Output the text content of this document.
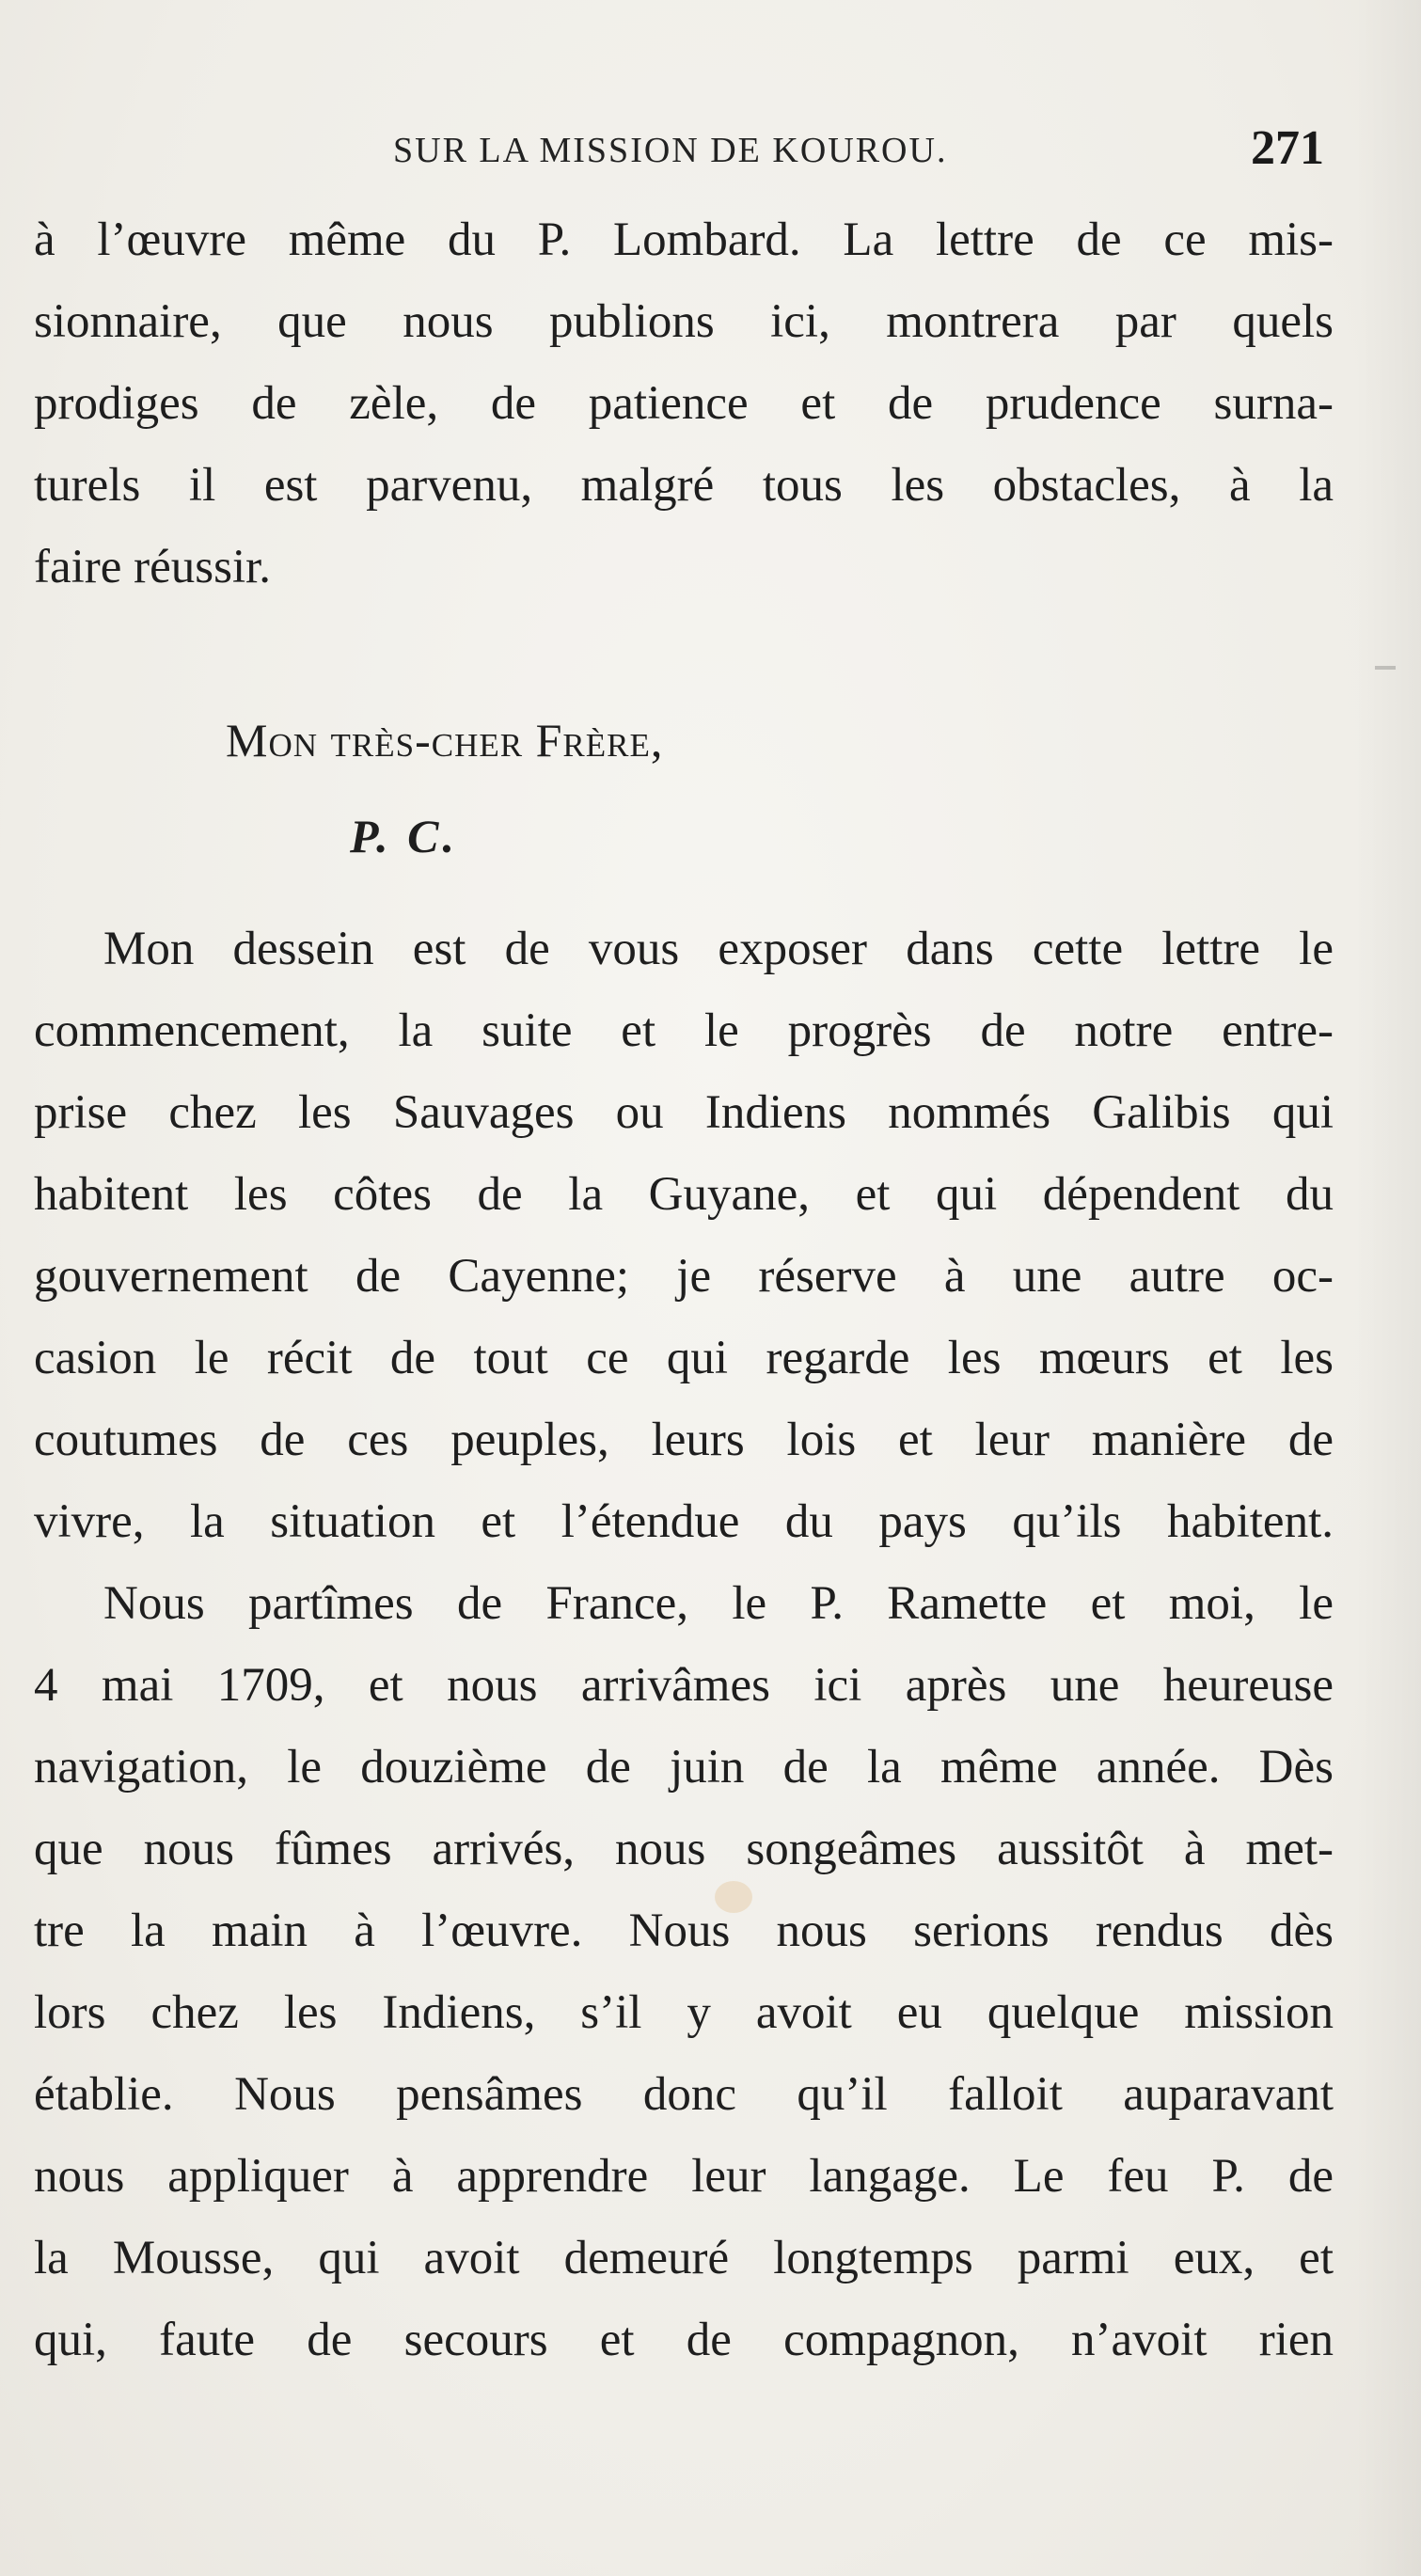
SUR LA MISSION DE KOUROU.	271
à l’œuvre même du P. Lombard. La lettre de ce mis-
sionnaire, que nous publions ici, montrera par quels
prodiges de zèle, de patience et de prudence surna-
turels il est parvenu, malgré tous les obstacles, à la
faire réussir.
Mon très-cher Frère,
P. C.
Mon dessein est de vous exposer dans cette lettre le
commencement, la suite et le progrès de notre entre-
prise chez les Sauvages ou Indiens nommés Galibis qui
habitent les côtes de la Guyane, et qui dépendent du
gouvernement de Cayenne; je réserve à une autre oc-
casion le récit de tout ce qui regarde les mœurs et les
coutumes de ces peuples, leurs lois et leur manière de
vivre, la situation et l’étendue du pays qu’ils habitent.
Nous partîmes de France, le P. Ramette et moi, le
4 mai 1709, et nous arrivâmes ici après une heureuse
navigation, le douzième de juin de la même année. Dès
que nous fûmes arrivés, nous songeâmes aussitôt à met-
tre la main à l’œuvre. Nous nous serions rendus dès
lors chez les Indiens, s’il y avoit eu quelque mission
établie. Nous pensâmes donc qu’il falloit auparavant
nous appliquer à apprendre leur langage. Le feu P. de
la Mousse, qui avoit demeuré longtemps parmi eux, et
qui, faute de secours et de compagnon, n’avoit rien
